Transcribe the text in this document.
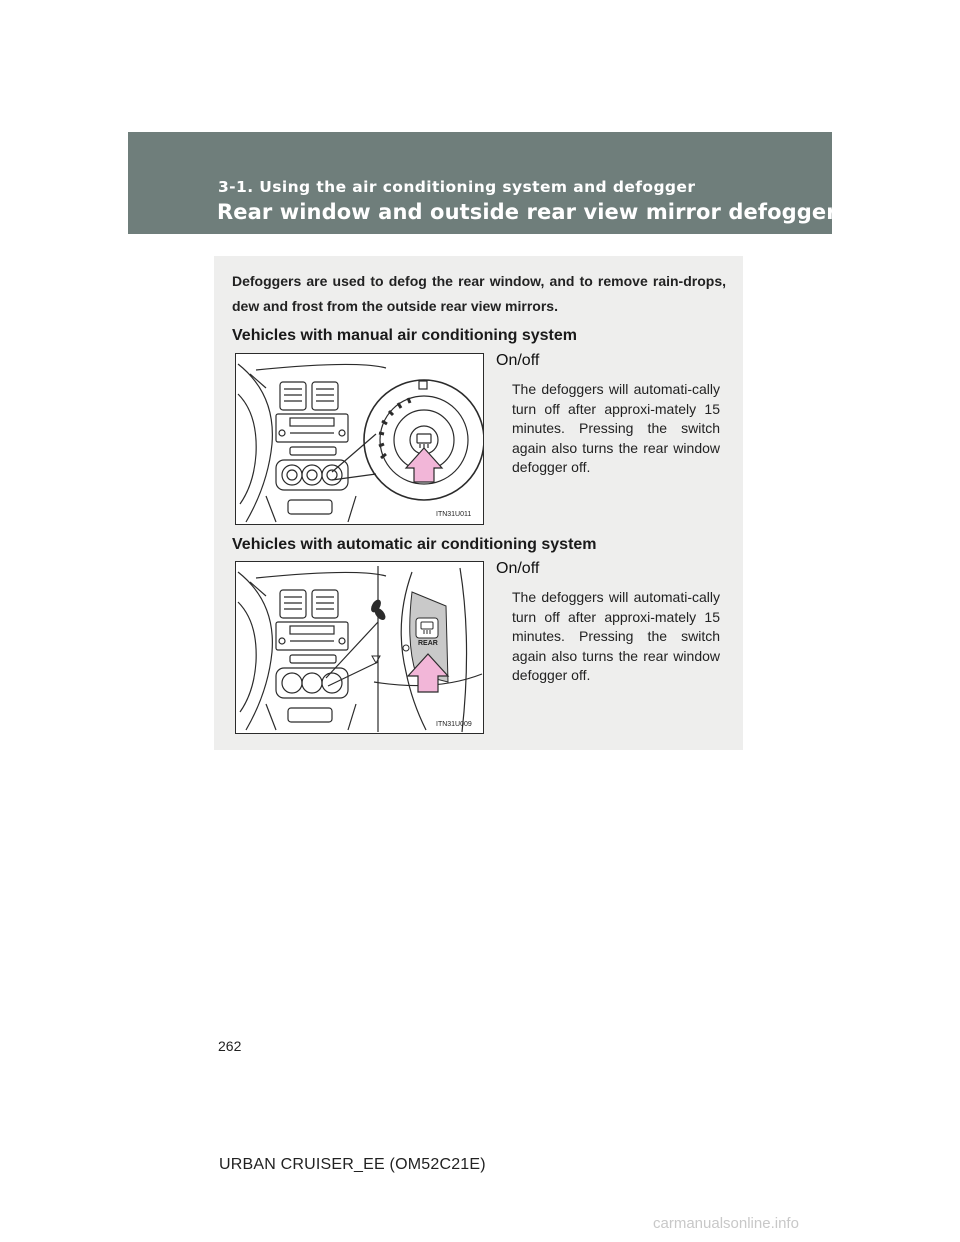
3-1. Using the air conditioning system and defogger
Rear window and outside rear view mirror defoggers
Defoggers are used to defog the rear window, and to remove rain-drops, dew and frost from the outside rear view mirrors.
Vehicles with manual air conditioning system
ITN31U011
On/off
The defoggers will automati-cally turn off after approxi-mately 15 minutes. Pressing the switch again also turns the rear window defogger off.
Vehicles with automatic air conditioning system
REAR
ITN31U009
On/off
The defoggers will automati-cally turn off after approxi-mately 15 minutes. Pressing the switch again also turns the rear window defogger off.
262
URBAN CRUISER_EE (OM52C21E)
carmanualsonline.info
